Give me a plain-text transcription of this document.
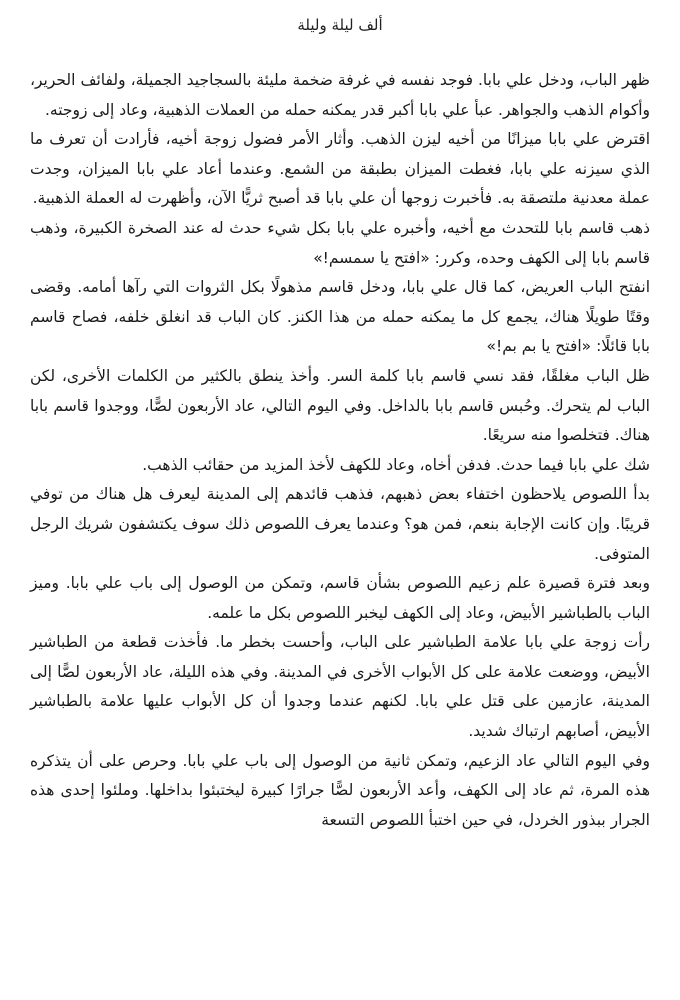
ألف ليلة وليلة

ظهر الباب، ودخل علي بابا. فوجد نفسه في غرفة ضخمة مليئة بالسجاجيد الجميلة، ولفائف الحرير، وأكوام الذهب والجواهر. عبأ علي بابا أكبر قدر يمكنه حمله من العملات الذهبية، وعاد إلى زوجته.

اقترض علي بابا ميزانًا من أخيه ليزن الذهب. وأثار الأمر فضول زوجة أخيه، فأرادت أن تعرف ما الذي سيزنه علي بابا، فغطت الميزان بطبقة من الشمع. وعندما أعاد علي بابا الميزان، وجدت عملة معدنية ملتصقة به. فأخبرت زوجها أن علي بابا قد أصبح ثريًّا الآن، وأظهرت له العملة الذهبية.

ذهب قاسم بابا للتحدث مع أخيه، وأخبره علي بابا بكل شيء حدث له عند الصخرة الكبيرة، وذهب قاسم بابا إلى الكهف وحده، وكرر: «افتح يا سمسم!»

انفتح الباب العريض، كما قال علي بابا، ودخل قاسم مذهولًا بكل الثروات التي رآها أمامه. وقضى وقتًا طويلًا هناك، يجمع كل ما يمكنه حمله من هذا الكنز. كان الباب قد انغلق خلفه، فصاح قاسم بابا قائلًا: «افتح يا بم بم!»

ظل الباب مغلقًا، فقد نسي قاسم بابا كلمة السر. وأخذ ينطق بالكثير من الكلمات الأخرى، لكن الباب لم يتحرك. وحُبس قاسم بابا بالداخل. وفي اليوم التالي، عاد الأربعون لصًّا، ووجدوا قاسم بابا هناك. فتخلصوا منه سريعًا.

شك علي بابا فيما حدث. فدفن أخاه، وعاد للكهف لأخذ المزيد من حقائب الذهب.

بدأ اللصوص يلاحظون اختفاء بعض ذهبهم، فذهب قائدهم إلى المدينة ليعرف هل هناك من توفي قريبًا. وإن كانت الإجابة بنعم، فمن هو؟ وعندما يعرف اللصوص ذلك سوف يكتشفون شريك الرجل المتوفى.

وبعد فترة قصيرة علم زعيم اللصوص بشأن قاسم، وتمكن من الوصول إلى باب علي بابا. وميز الباب بالطباشير الأبيض، وعاد إلى الكهف ليخبر اللصوص بكل ما علمه.

رأت زوجة علي بابا علامة الطباشير على الباب، وأحست بخطر ما. فأخذت قطعة من الطباشير الأبيض، ووضعت علامة على كل الأبواب الأخرى في المدينة. وفي هذه الليلة، عاد الأربعون لصًّا إلى المدينة، عازمين على قتل علي بابا. لكنهم عندما وجدوا أن كل الأبواب عليها علامة بالطباشير الأبيض، أصابهم ارتباك شديد.

وفي اليوم التالي عاد الزعيم، وتمكن ثانية من الوصول إلى باب علي بابا. وحرص على أن يتذكره هذه المرة، ثم عاد إلى الكهف، وأعد الأربعون لصًّا جرارًا كبيرة ليختبئوا بداخلها. وملئوا إحدى هذه الجرار ببذور الخردل، في حين اختبأ اللصوص التسعة
